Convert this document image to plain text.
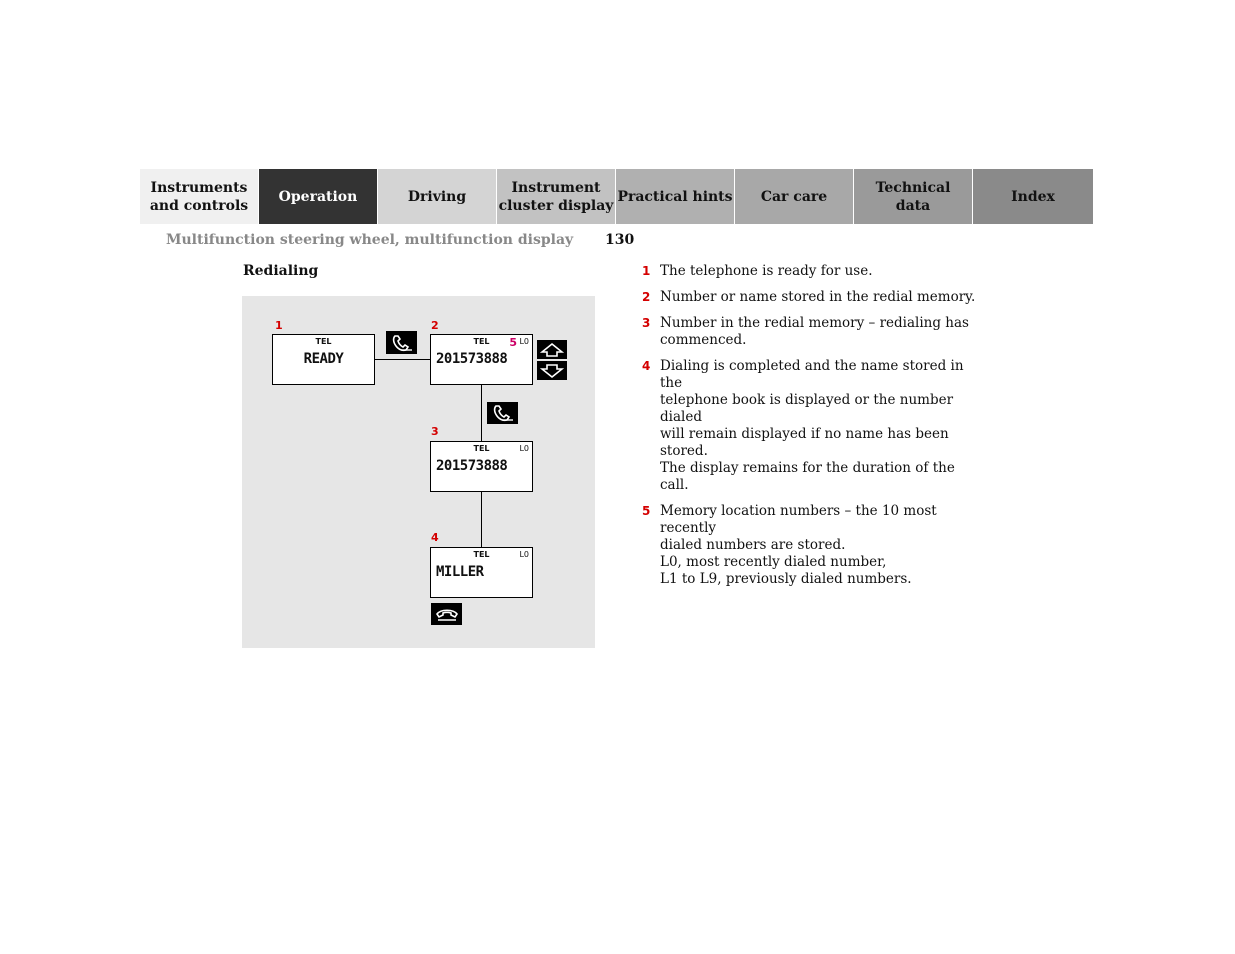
Instruments
and controls
Operation	Driving
Instrument
cluster display
Practical hints	Car care
Technical
data
Index
Multifunction steering wheel, multifunction display 130
Redialing
1
TEL
READY
2
TEL	5 L0
201573888
3
TEL	L0
201573888
4
TEL	L0
MILLER
1 The telephone is ready for use.
2 Number or name stored in the redial memory.
3 Number in the redial memory – redialing has
commenced.
4 Dialing is completed and the name stored in the
telephone book is displayed or the number dialed
will remain displayed if no name has been stored.
The display remains for the duration of the call.
5 Memory location numbers – the 10 most recently
dialed numbers are stored.
L0, most recently dialed number,
L1 to L9, previously dialed numbers.
